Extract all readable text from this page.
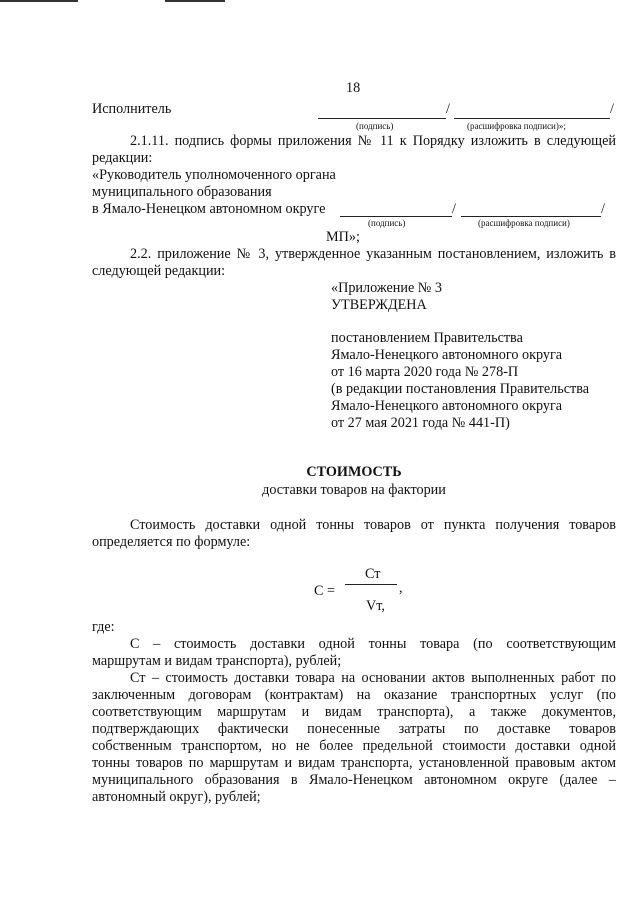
18
Исполнитель	/	/
(подпись)	(расшифровка подписи)»;
2.1.11. подпись формы приложения № 11 к Порядку изложить в следующей
редакции:
«Руководитель уполномоченного органа
муниципального образования
в Ямало-Ненецком автономном округе	/	/
(подпись)	(расшифровка подписи)
МП»;
2.2. приложение № 3, утвержденное указанным постановлением, изложить в
следующей редакции:
«Приложение № 3
УТВЕРЖДЕНА
постановлением Правительства
Ямало-Ненецкого автономного округа
от 16 марта 2020 года № 278-П
(в редакции постановления Правительства
Ямало-Ненецкого автономного округа
от 27 мая 2021 года № 441-П)
СТОИМОСТЬ
доставки товаров на фактории
Стоимость доставки одной тонны товаров от пункта получения товаров
определяется по формуле:
С =
Ст
,
Vт,
где:
С – стоимость доставки одной тонны товара (по соответствующим
маршрутам и видам транспорта), рублей;
Ст – стоимость доставки товара на основании актов выполненных работ по
заключенным договорам (контрактам) на оказание транспортных услуг (по
соответствующим маршрутам и видам транспорта), а также документов,
подтверждающих фактически понесенные затраты по доставке товаров
собственным транспортом, но не более предельной стоимости доставки одной
тонны товаров по маршрутам и видам транспорта, установленной правовым актом
муниципального образования в Ямало-Ненецком автономном округе (далее –
автономный округ), рублей;
